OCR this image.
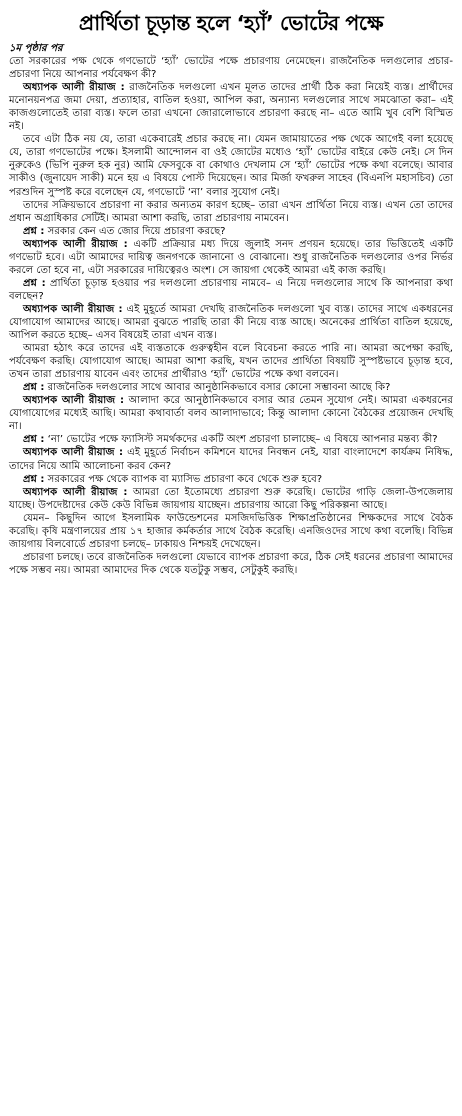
প্রার্থিতা চূড়ান্ত হলে ‘হ্যাঁ’ ভোটের পক্ষে

১ম পৃষ্ঠার পর

তো সরকারের পক্ষ থেকে গণভোটে ‘হ্যাঁ’ ভোটের পক্ষে প্রচারণায় নেমেছেন। রাজনৈতিক দলগুলোর প্রচার-প্রচারণা নিয়ে আপনার পর্যবেক্ষণ কী?

অধ্যাপক আলী রীয়াজ : রাজনৈতিক দলগুলো এখন মূলত তাদের প্রার্থী ঠিক করা নিয়েই ব্যস্ত। প্রার্থীদের মনোনয়নপত্র জমা দেয়া, প্রত্যাহার, বাতিল হওয়া, আপিল করা, অন্যান্য দলগুলোর সাথে সমঝোতা করা– এই কাজগুলোতেই তারা ব্যস্ত। ফলে তারা এখনো জোরালোভাবে প্রচারণা করছে না– এতে আমি খুব বেশি বিস্মিত নই।

তবে এটা ঠিক নয় যে, তারা একেবারেই প্রচার করছে না। যেমন জামায়াতের পক্ষ থেকে আগেই বলা হয়েছে যে, তারা গণভোটের পক্ষে। ইসলামী আন্দোলন বা ওই জোটের মধ্যেও ‘হ্যাঁ’ ভোটের বাইরে কেউ নেই। সে দিন নুরুকেও (ভিপি নুরুল হক নুর) আমি ফেসবুকে বা কোথাও দেখলাম সে ‘হ্যাঁ’ ভোটের পক্ষে কথা বলেছে। আবার সাকীও (জুনায়েদ সাকী) মনে হয় এ বিষয়ে পোস্ট দিয়েছেন। আর মির্জা ফখরুল সাহেব (বিএনপি মহাসচিব) তো পরশুদিন সুস্পষ্ট করে বলেছেন যে, গণভোটে ‘না’ বলার সুযোগ নেই।

তাদের সক্রিয়ভাবে প্রচারণা না করার অন্যতম কারণ হচ্ছে– তারা এখন প্রার্থিতা নিয়ে ব্যস্ত। এখন তো তাদের প্রধান অগ্রাধিকার সেটিই। আমরা আশা করছি, তারা প্রচারণায় নামবেন।

প্রশ্ন : সরকার কেন এত জোর দিয়ে প্রচারণা করছে?

অধ্যাপক আলী রীয়াজ : একটি প্রক্রিয়ার মধ্য দিয়ে জুলাই সনদ প্রণয়ন হয়েছে। তার ভিত্তিতেই একটি গণভোট হবে। এটা আমাদের দায়িত্ব জনগণকে জানানো ও বোঝানো। শুধু রাজনৈতিক দলগুলোর ওপর নির্ভর করলে তো হবে না, এটা সরকারের দায়িত্বেরও অংশ। সে জায়গা থেকেই আমরা এই কাজ করছি।

প্রশ্ন : প্রার্থিতা চূড়ান্ত হওয়ার পর দলগুলো প্রচারণায় নামবে– এ নিয়ে দলগুলোর সাথে কি আপনারা কথা বলছেন?

অধ্যাপক আলী রীয়াজ : এই মুহূর্তে আমরা দেখছি রাজনৈতিক দলগুলো খুব ব্যস্ত। তাদের সাথে একধরনের যোগাযোগ আমাদের আছে। আমরা বুঝতে পারছি তারা কী নিয়ে ব্যস্ত আছে। অনেকের প্রার্থিতা বাতিল হয়েছে, আপিল করতে হচ্ছে– এসব বিষয়েই তারা এখন ব্যস্ত।

আমরা হঠাৎ করে তাদের এই ব্যস্ততাকে গুরুত্বহীন বলে বিবেচনা করতে পারি না। আমরা অপেক্ষা করছি, পর্যবেক্ষণ করছি। যোগাযোগ আছে। আমরা আশা করছি, যখন তাদের প্রার্থিতা বিষয়টি সুস্পষ্টভাবে চূড়ান্ত হবে, তখন তারা প্রচারণায় যাবেন এবং তাদের প্রার্থীরাও ‘হ্যাঁ’ ভোটের পক্ষে কথা বলবেন।

প্রশ্ন : রাজনৈতিক দলগুলোর সাথে আবার আনুষ্ঠানিকভাবে বসার কোনো সম্ভাবনা আছে কি?

অধ্যাপক আলী রীয়াজ : আলাদা করে আনুষ্ঠানিকভাবে বসার আর তেমন সুযোগ নেই। আমরা একধরনের যোগাযোগের মধ্যেই আছি। আমরা কথাবার্তা বলব আলাদাভাবে; কিন্তু আলাদা কোনো বৈঠকের প্রয়োজন দেখছি না।

প্রশ্ন : ‘না’ ভোটের পক্ষে ফ্যাসিস্ট সমর্থকদের একটি অংশ প্রচারণা চালাচ্ছে– এ বিষয়ে আপনার মন্তব্য কী?

অধ্যাপক আলী রীয়াজ : এই মুহূর্তে নির্বাচন কমিশনে যাদের নিবন্ধন নেই, যারা বাংলাদেশে কার্যক্রম নিষিদ্ধ, তাদের নিয়ে আমি আলোচনা করব কেন?

প্রশ্ন : সরকারের পক্ষ থেকে ব্যাপক বা ম্যাসিভ প্রচারণা কবে থেকে শুরু হবে?

অধ্যাপক আলী রীয়াজ : আমরা তো ইতোমধ্যে প্রচারণা শুরু করেছি। ভোটের গাড়ি জেলা-উপজেলায় যাচ্ছে। উপদেষ্টাদের কেউ কেউ বিভিন্ন জায়গায় যাচ্ছেন। প্রচারণায় আরো কিছু পরিকল্পনা আছে।

যেমন– কিছুদিন আগে ইসলামিক ফাউন্ডেশনের মসজিদভিত্তিক শিক্ষাপ্রতিষ্ঠানের শিক্ষকদের সাথে বৈঠক করেছি। কৃষি মন্ত্রণালয়ের প্রায় ১৭ হাজার কর্মকর্তার সাথে বৈঠক করেছি। এনজিওদের সাথে কথা বলেছি। বিভিন্ন জায়গায় বিলবোর্ডে প্রচারণা চলছে– ঢাকায়ও নিশ্চয়ই দেখেছেন।

প্রচারণা চলছে। তবে রাজনৈতিক দলগুলো যেভাবে ব্যাপক প্রচারণা করে, ঠিক সেই ধরনের প্রচারণা আমাদের পক্ষে সম্ভব নয়। আমরা আমাদের দিক থেকে যতটুকু সম্ভব, সেটুকুই করছি।
